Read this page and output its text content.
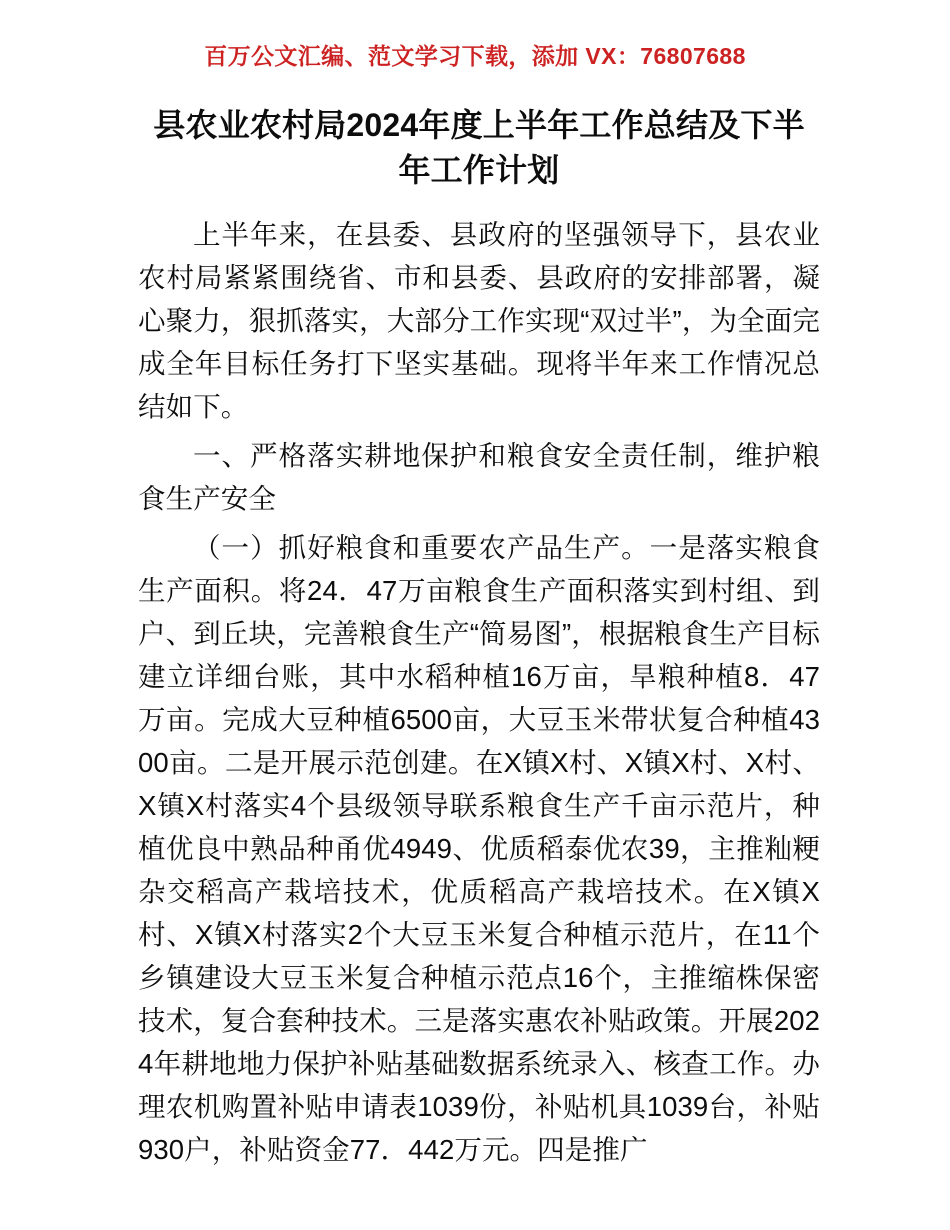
百万公文汇编、范文学习下载，添加 VX：76807688
县农业农村局2024年度上半年工作总结及下半年工作计划

上半年来，在县委、县政府的坚强领导下，县农业农村局紧紧围绕省、市和县委、县政府的安排部署，凝心聚力，狠抓落实，大部分工作实现“双过半”，为全面完成全年目标任务打下坚实基础。现将半年来工作情况总结如下。

一、严格落实耕地保护和粮食安全责任制，维护粮食生产安全

（一）抓好粮食和重要农产品生产。一是落实粮食生产面积。将24．47万亩粮食生产面积落实到村组、到户、到丘块，完善粮食生产“简易图”，根据粮食生产目标建立详细台账，其中水稻种植16万亩，旱粮种植8．47万亩。完成大豆种植6500亩，大豆玉米带状复合种植4300亩。二是开展示范创建。在X镇X村、X镇X村、X村、X镇X村落实4个县级领导联系粮食生产千亩示范片，种植优良中熟品种甬优4949、优质稻泰优农39，主推籼粳杂交稻高产栽培技术，优质稻高产栽培技术。在X镇X村、X镇X村落实2个大豆玉米复合种植示范片，在11个乡镇建设大豆玉米复合种植示范点16个，主推缩株保密技术，复合套种技术。三是落实惠农补贴政策。开展2024年耕地地力保护补贴基础数据系统录入、核查工作。办理农机购置补贴申请表1039份，补贴机具1039台，补贴930户，补贴资金77．442万元。四是推广
